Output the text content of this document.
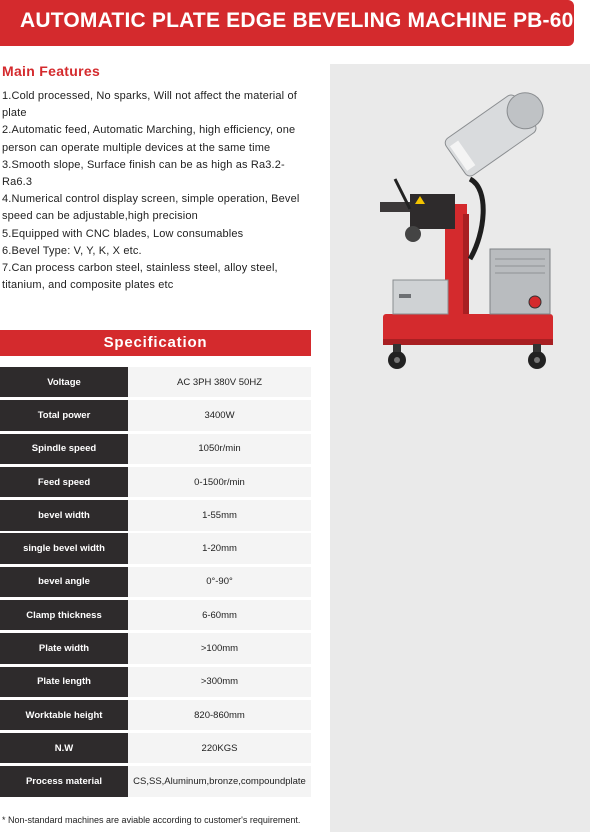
AUTOMATIC PLATE EDGE BEVELING MACHINE PB-60L
Main Features
1.Cold processed, No sparks, Will not affect the material of plate
2.Automatic feed, Automatic Marching, high efficiency, one person can operate multiple devices at the same time
3.Smooth slope, Surface finish can be as high as Ra3.2-Ra6.3
4.Numerical control display screen, simple operation, Bevel speed can be adjustable,high precision
5.Equipped with CNC blades, Low consumables
6.Bevel Type: V, Y, K, X etc.
7.Can process carbon steel, stainless steel, alloy steel, titanium, and composite plates etc
Specification
Voltage	AC 3PH 380V 50HZ
Total power	3400W
Spindle speed	1050r/min
Feed speed	0-1500r/min
bevel width	1-55mm
single bevel width	1-20mm
bevel angle	0°-90°
Clamp thickness	6-60mm
Plate width	>100mm
Plate length	>300mm
Worktable height	820-860mm
N.W	220KGS
Process material	CS,SS,Aluminum,bronze,compoundplate
* Non-standard machines are aviable according to customer's requirement.
